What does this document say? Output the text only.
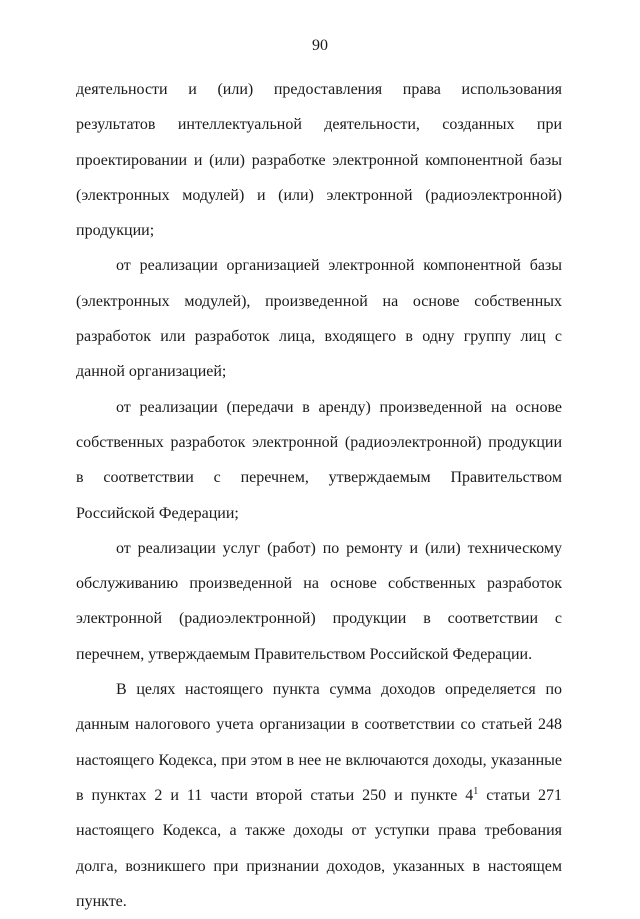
90

деятельности и (или) предоставления права использования результатов интеллектуальной деятельности, созданных при проектировании и (или) разработке электронной компонентной базы (электронных модулей) и (или) электронной (радиоэлектронной) продукции;

от реализации организацией электронной компонентной базы (электронных модулей), произведенной на основе собственных разработок или разработок лица, входящего в одну группу лиц с данной организацией;

от реализации (передачи в аренду) произведенной на основе собственных разработок электронной (радиоэлектронной) продукции в соответствии с перечнем, утверждаемым Правительством Российской Федерации;

от реализации услуг (работ) по ремонту и (или) техническому обслуживанию произведенной на основе собственных разработок электронной (радиоэлектронной) продукции в соответствии с перечнем, утверждаемым Правительством Российской Федерации.

В целях настоящего пункта сумма доходов определяется по данным налогового учета организации в соответствии со статьей 248 настоящего Кодекса, при этом в нее не включаются доходы, указанные в пунктах 2 и 11 части второй статьи 250 и пункте $4^1$ статьи 271 настоящего Кодекса, а также доходы от уступки права требования долга, возникшего при признании доходов, указанных в настоящем пункте.
